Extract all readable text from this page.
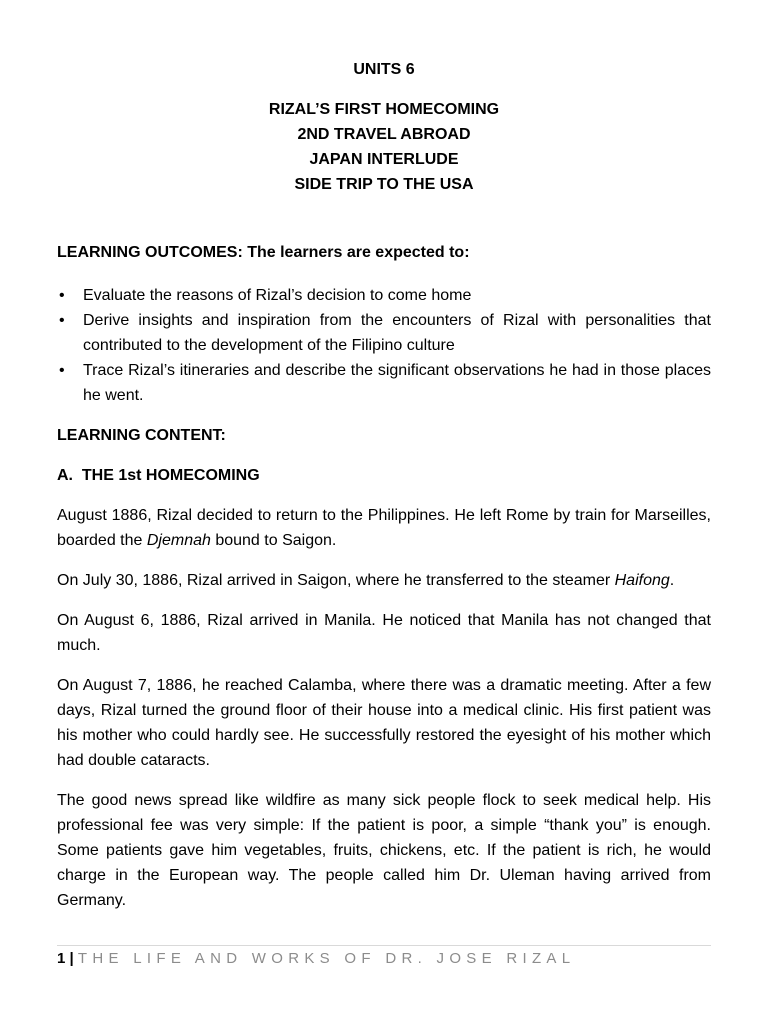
UNITS 6
RIZAL’S FIRST HOMECOMING
2ND TRAVEL ABROAD
JAPAN INTERLUDE
SIDE TRIP TO THE USA

LEARNING OUTCOMES: The learners are expected to:

• Evaluate the reasons of Rizal’s decision to come home
• Derive insights and inspiration from the encounters of Rizal with personalities that contributed to the development of the Filipino culture
• Trace Rizal’s itineraries and describe the significant observations he had in those places he went.

LEARNING CONTENT:

A.  THE 1st HOMECOMING

August 1886, Rizal decided to return to the Philippines. He left Rome by train for Marseilles, boarded the Djemnah bound to Saigon.

On July 30, 1886, Rizal arrived in Saigon, where he transferred to the steamer Haifong.

On August 6, 1886, Rizal arrived in Manila. He noticed that Manila has not changed that much.

On August 7, 1886, he reached Calamba, where there was a dramatic meeting. After a few days, Rizal turned the ground floor of their house into a medical clinic. His first patient was his mother who could hardly see. He successfully restored the eyesight of his mother which had double cataracts.

The good news spread like wildfire as many sick people flock to seek medical help. His professional fee was very simple: If the patient is poor, a simple “thank you” is enough. Some patients gave him vegetables, fruits, chickens, etc. If the patient is rich, he would charge in the European way. The people called him Dr. Uleman having arrived from Germany.

1 | THE LIFE AND WORKS OF DR. JOSE RIZAL
